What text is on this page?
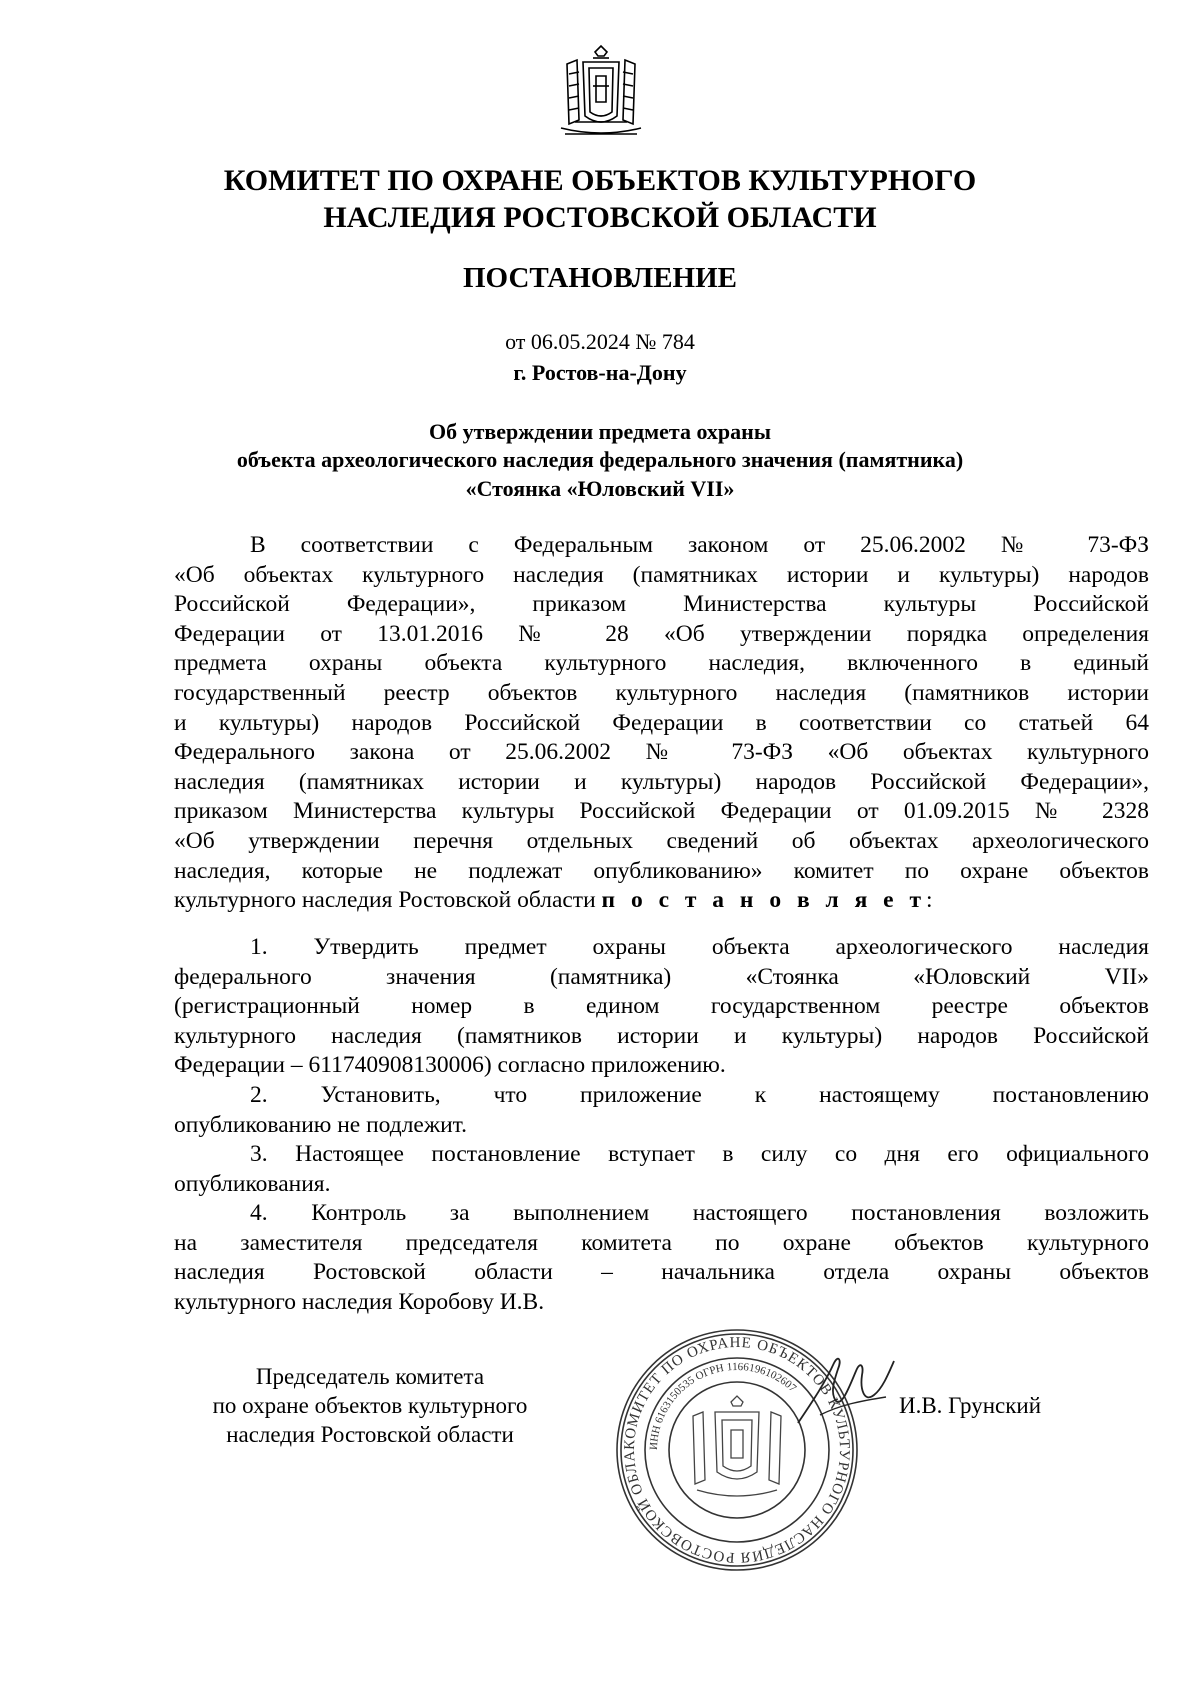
КОМИТЕТ ПО ОХРАНЕ ОБЪЕКТОВ КУЛЬТУРНОГО
НАСЛЕДИЯ РОСТОВСКОЙ ОБЛАСТИ
ПОСТАНОВЛЕНИЕ
от 06.05.2024 № 784
г. Ростов-на-Дону
Об утверждении предмета охраны
объекта археологического наследия федерального значения (памятника)
«Стоянка «Юловский VII»
В соответствии с Федеральным законом от 25.06.2002 № 73-ФЗ
«Об объектах культурного наследия (памятниках истории и культуры) народов
Российской Федерации», приказом Министерства культуры Российской
Федерации от 13.01.2016 № 28 «Об утверждении порядка определения
предмета охраны объекта культурного наследия, включенного в единый
государственный реестр объектов культурного наследия (памятников истории
и культуры) народов Российской Федерации в соответствии со статьей 64
Федерального закона от 25.06.2002 № 73-ФЗ «Об объектах культурного
наследия (памятниках истории и культуры) народов Российской Федерации»,
приказом Министерства культуры Российской Федерации от 01.09.2015 № 2328
«Об утверждении перечня отдельных сведений об объектах археологического
наследия, которые не подлежат опубликованию» комитет по охране объектов
культурного наследия Ростовской области п о с т а н о в л я е т:
1. Утвердить предмет охраны объекта археологического наследия
федерального значения (памятника) «Стоянка «Юловский VII»
(регистрационный номер в едином государственном реестре объектов
культурного наследия (памятников истории и культуры) народов Российской
Федерации – 611740908130006) согласно приложению.
2. Установить, что приложение к настоящему постановлению
опубликованию не подлежит.
3. Настоящее постановление вступает в силу со дня его официального
опубликования.
4. Контроль за выполнением настоящего постановления возложить
на заместителя председателя комитета по охране объектов культурного
наследия Ростовской области – начальника отдела охраны объектов
культурного наследия Коробову И.В.
Председатель комитета
по охране объектов культурного
наследия Ростовской области	КОМИТЕТ ПО ОХРАНЕ ОБЪЕКТОВ КУЛЬТУРНОГО НАСЛЕДИЯ РОСТОВСКОЙ ОБЛА
ИНН 6163150535 ОГРН 1166196102607
И.В. Грунский
